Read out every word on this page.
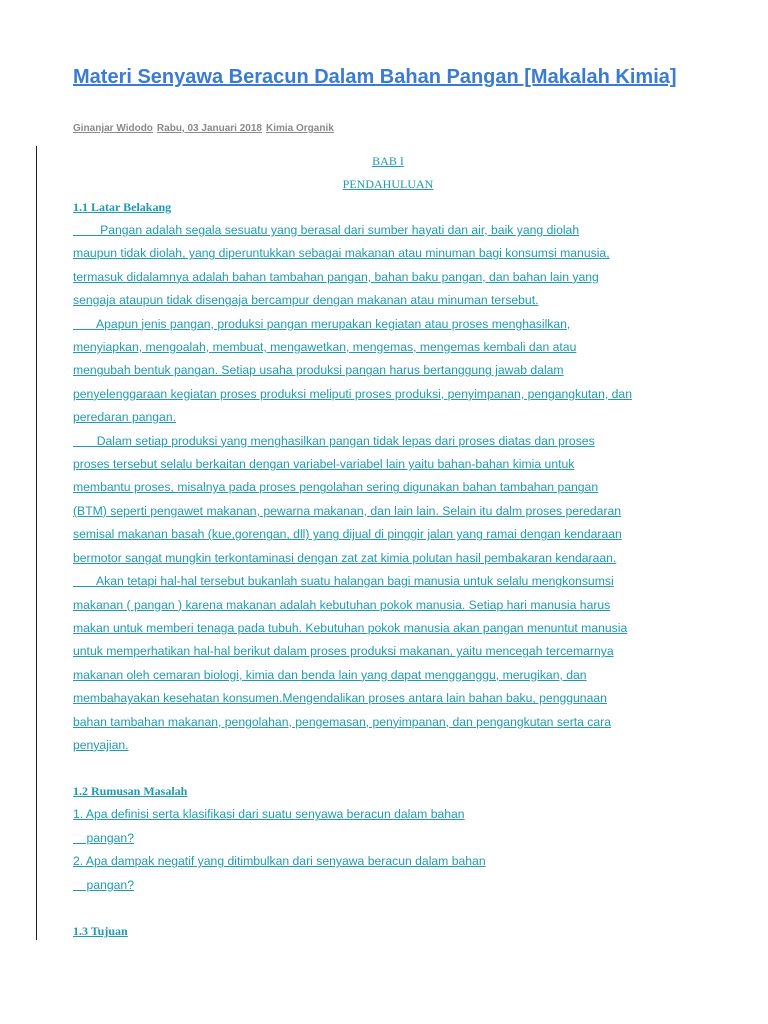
Materi Senyawa Beracun Dalam Bahan Pangan [Makalah Kimia]
Ginanjar Widodo Rabu, 03 Januari 2018 Kimia Organik

BAB I

PENDAHULUAN

1.1 Latar Belakang

Pangan adalah segala sesuatu yang berasal dari sumber hayati dan air, baik yang diolah

maupun tidak diolah, yang diperuntukkan sebagai makanan atau minuman bagi konsumsi manusia,

termasuk didalamnya adalah bahan tambahan pangan, bahan baku pangan, dan bahan lain yang

sengaja ataupun tidak disengaja bercampur dengan makanan atau minuman tersebut.

Apapun jenis pangan, produksi pangan merupakan kegiatan atau proses menghasilkan,

menyiapkan, mengoalah, membuat, mengawetkan, mengemas, mengemas kembali dan atau

mengubah bentuk pangan. Setiap usaha produksi pangan harus bertanggung jawab dalam

penyelenggaraan kegiatan proses produksi meliputi proses produksi, penyimpanan, pengangkutan, dan

peredaran pangan.

Dalam setiap produksi yang menghasilkan pangan tidak lepas dari proses diatas dan proses

proses tersebut selalu berkaitan dengan variabel-variabel lain yaitu bahan-bahan kimia untuk

membantu proses, misalnya pada proses pengolahan sering digunakan bahan tambahan pangan

(BTM) seperti pengawet makanan, pewarna makanan, dan lain lain. Selain itu dalm proses peredaran

semisal makanan basah (kue,gorengan, dll) yang dijual di pinggir jalan yang ramai dengan kendaraan

bermotor sangat mungkin terkontaminasi dengan zat zat kimia polutan hasil pembakaran kendaraan.

Akan tetapi hal-hal tersebut bukanlah suatu halangan bagi manusia untuk selalu mengkonsumsi

makanan ( pangan ) karena makanan adalah kebutuhan pokok manusia. Setiap hari manusia harus

makan untuk memberi tenaga pada tubuh. Kebutuhan pokok manusia akan pangan menuntut manusia

untuk memperhatikan hal-hal berikut dalam proses produksi makanan, yaitu mencegah tercemarnya

makanan oleh cemaran biologi, kimia dan benda lain yang dapat mengganggu, merugikan, dan

membahayakan kesehatan konsumen.Mengendalikan proses antara lain bahan baku, penggunaan

bahan tambahan makanan, pengolahan, pengemasan, penyimpanan, dan pengangkutan serta cara

penyajian.

1.2 Rumusan Masalah

1. Apa definisi serta klasifikasi dari suatu senyawa beracun dalam bahan

pangan?

2. Apa dampak negatif yang ditimbulkan dari senyawa beracun dalam bahan

pangan?

1.3 Tujuan
